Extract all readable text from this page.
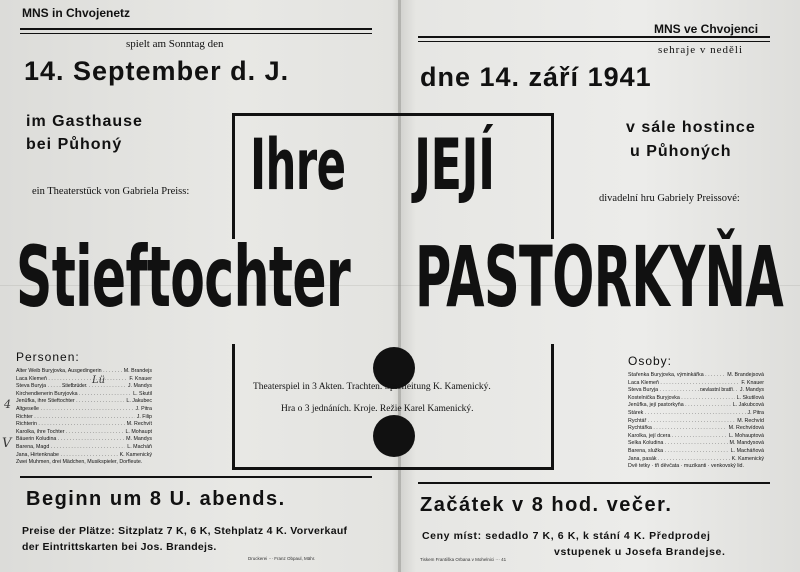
MNS in Chvojenetz
MNS ve Chvojenci
spielt am Sonntag den
14. September d. J.
sehraje v neděli
dne 14. září 1941
im Gasthause
bei Půhoný
v sále hostince
u Půhoných
ein Theaterstück von Gabriela Preiss:
divadelní hru Gabriely Preissové:
Ihre JEJÍ
Stieftochter PASTORKYŇA
Theaterspiel in 3 Akten. Trachten. Spielleitung K. Kamenický.
Hra o 3 jednáních. Kroje. Režie Karel Kamenický.
Personen:
Alter Weib Buryjovka, Ausgedingerin . . .	M. Brandejs
Laca Klemeň . . .	F. Knauer
Števa Buryja . . .	J. Mandys
Kirchendienerin Buryjovka . . .	L. Skutil
Jenůfka, ihre Stieftochter . . .	L. Jakubec
Altgeselle . . .	J. Pitra
Richter . . .	J. Filip
Richterin . . .	M. Rechvít
Karolka, ihre Tochter . . .	L. Mohaupt
Bäuerin Koludina . . .	M. Mandys
Barena, Magd . . .	L. Macháň
Jana, Hirtenknabe . . .	K. Kamenický
Zwei Muhmen, drei Mädchen, Musikspieler, Dorfleute.
Stiefbrüder
4
V
Lü
Osoby:
Stařenka Buryjovka, výminkářka . . .	M. Brandejsová
Laca Klemeň . . .	F. Knauer
Števa Buryja . . .	J. Mandys
Kostelnička Buryjovka . . .	L. Skutilová
Jenůfka, její pastorkyňa . . .	L. Jakubcová
Stárek . . .	J. Pitra
Rychtář . . .	M. Rechvíd
Rychtářka . . .	M. Rechvídová
Karolka, její dcera . . .	L. Mohauptová
Selka Koludina . . .	M. Mandysová
Barena, služka . . .	L. Macháňová
Jana, pasák . . .	K. Kamenický
Dvě tetky · tři děvčata · muzikanti · venkovský lid.
nevlastní bratři
Beginn um 8 U. abends.	Začátek v 8 hod. večer.
Preise der Plätze: Sitzplatz 7 K, 6 K, Stehplatz 4 K. Vorverkauf
der Eintrittskarten bei Jos. Brandejs.
Ceny míst: sedadlo 7 K, 6 K, k stání 4 K. Předprodej
vstupenek u Josefa Brandejse.
Druckerei ··· Franz Obpaul, Mähr.	Tiskem Františka Orbana v Mohelnici ··· 41
